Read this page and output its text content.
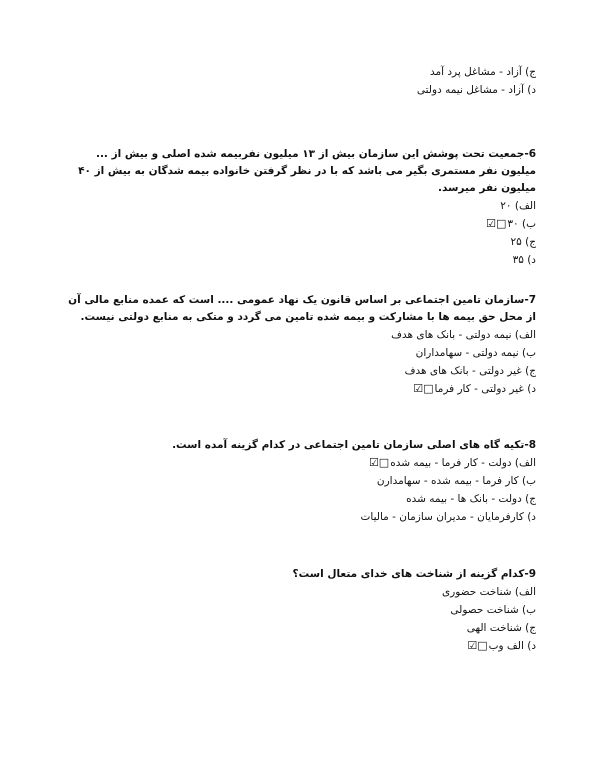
ج) آزاد - مشاغل پرد آمد
د) آزاد - مشاغل نیمه دولتی
6-جمعیت تحت پوشش این سازمان بیش از ۱۳ میلیون نفربیمه شده اصلی و بیش از ... میلیون نفر مستمری بگیر می باشد که با در نظر گرفتن خانواده بیمه شدگان به بیش از ۴۰ میلیون نفر میرسد.
الف) ۲۰
ب) ۳۰□☑
ج) ۲۵
د) ۳۵
7-سازمان تامین اجتماعی بر اساس قانون یک نهاد عمومی .... است که عمده منابع مالی آن از محل حق بیمه ها با مشارکت و بیمه شده تامین می گردد و متکی به منابع دولتی نیست.
الف) نیمه دولتی - بانک های هدف
ب) نیمه دولتی - سهامداران
ج) غیر دولتی - بانک های هدف
د) غیر دولتی - کار فرما□☑
8-تکیه گاه های اصلی سازمان تامین اجتماعی در کدام گزینه آمده است.
الف) دولت - کار فرما - بیمه شده□☑
ب) کار فرما - بیمه شده - سهامدارن
ج) دولت - بانک ها - بیمه شده
د) کارفرمایان - مدیران سازمان - مالیات
9-کدام گزینه از شناخت های خدای متعال است؟
الف) شناخت حضوری
ب) شناخت حصولی
ج) شناخت الهی
د) الف وب□☑
